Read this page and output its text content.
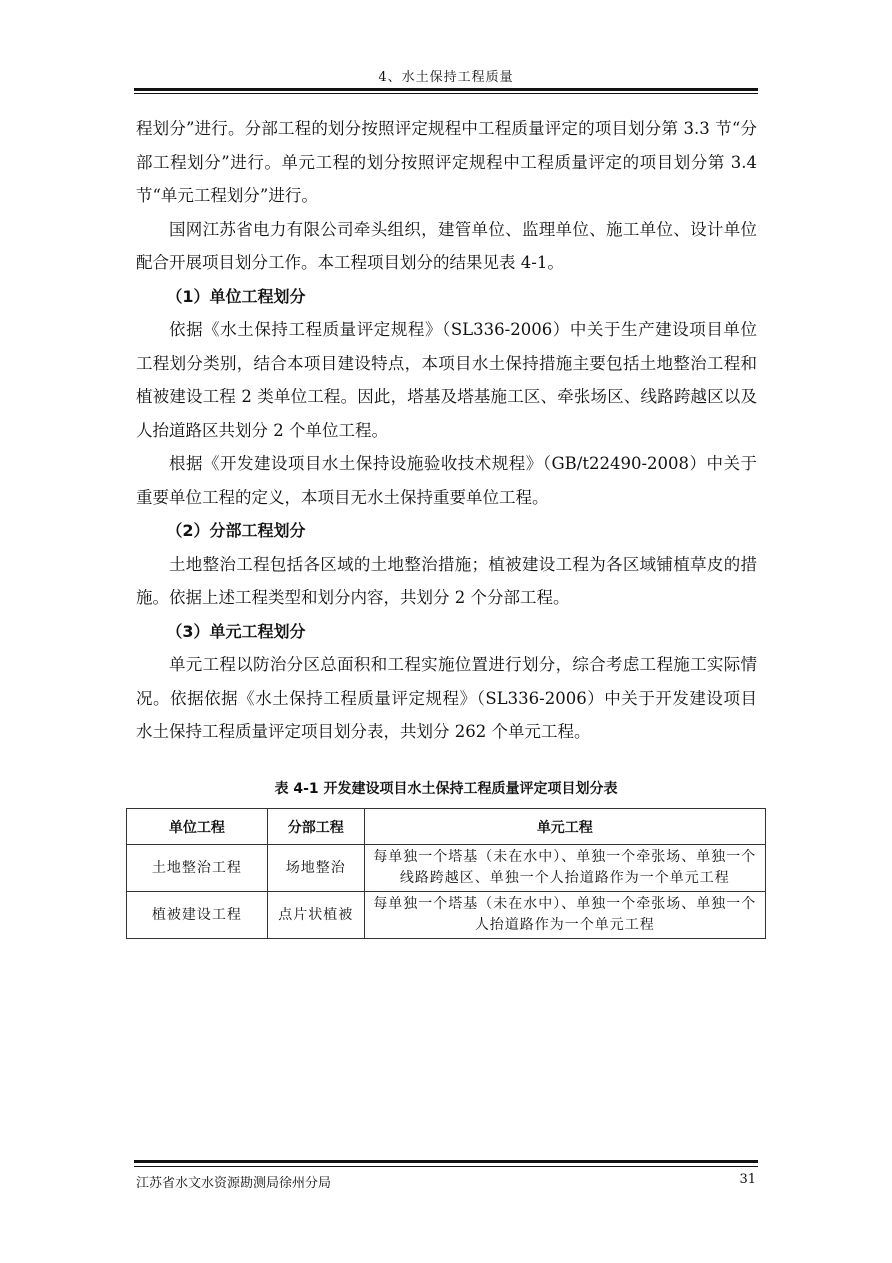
4、水土保持工程质量

程划分”进行。分部工程的划分按照评定规程中工程质量评定的项目划分第 3.3 节“分部工程划分”进行。单元工程的划分按照评定规程中工程质量评定的项目划分第 3.4 节“单元工程划分”进行。

国网江苏省电力有限公司牵头组织，建管单位、监理单位、施工单位、设计单位配合开展项目划分工作。本工程项目划分的结果见表 4-1。

（1）单位工程划分

依据《水土保持工程质量评定规程》（SL336-2006）中关于生产建设项目单位工程划分类别，结合本项目建设特点，本项目水土保持措施主要包括土地整治工程和植被建设工程 2 类单位工程。因此，塔基及塔基施工区、牵张场区、线路跨越区以及人抬道路区共划分 2 个单位工程。

根据《开发建设项目水土保持设施验收技术规程》（GB/t22490-2008）中关于重要单位工程的定义，本项目无水土保持重要单位工程。

（2）分部工程划分

土地整治工程包括各区域的土地整治措施；植被建设工程为各区域铺植草皮的措施。依据上述工程类型和划分内容，共划分 2 个分部工程。

（3）单元工程划分

单元工程以防治分区总面积和工程实施位置进行划分，综合考虑工程施工实际情况。依据依据《水土保持工程质量评定规程》（SL336-2006）中关于开发建设项目水土保持工程质量评定项目划分表，共划分 262 个单元工程。

表 4-1 开发建设项目水土保持工程质量评定项目划分表
单位工程	分部工程	单元工程
土地整治工程	场地整治	每单独一个塔基（未在水中）、单独一个牵张场、单独一个线路跨越区、单独一个人抬道路作为一个单元工程
植被建设工程	点片状植被	每单独一个塔基（未在水中）、单独一个牵张场、单独一个人抬道路作为一个单元工程
江苏省水文水资源勘测局徐州分局	31
